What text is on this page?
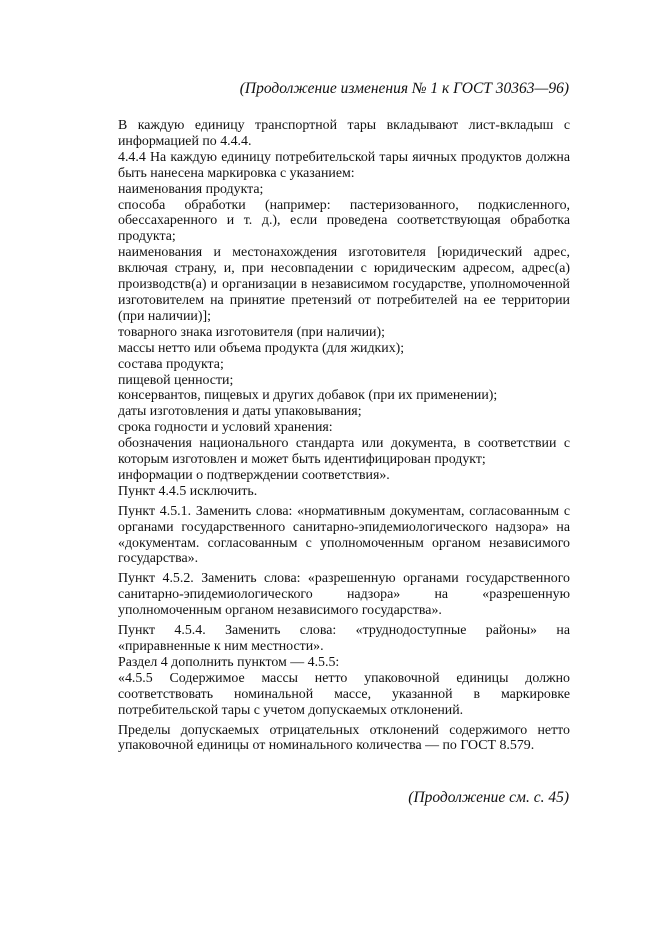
(Продолжение изменения № 1 к ГОСТ 30363—96)

В каждую единицу транспортной тары вкладывают лист-вкладыш с информацией по 4.4.4.

4.4.4 На каждую единицу потребительской тары яичных продуктов должна быть нанесена маркировка с указанием:

наименования продукта;

способа обработки (например: пастеризованного, подкисленного, обессахаренного и т. д.), если проведена соответствующая обработка продукта;

наименования и местонахождения изготовителя [юридический адрес, включая страну, и, при несовпадении с юридическим адресом, адрес(а) производств(а) и организации в независимом государстве, уполномоченной изготовителем на принятие претензий от потребителей на ее территории (при наличии)];

товарного знака изготовителя (при наличии);

массы нетто или объема продукта (для жидких);

состава продукта;

пищевой ценности;

консервантов, пищевых и других добавок (при их применении);

даты изготовления и даты упаковывания;

срока годности и условий хранения:

обозначения национального стандарта или документа, в соответствии с которым изготовлен и может быть идентифицирован продукт;

информации о подтверждении соответствия».

Пункт 4.4.5 исключить.

Пункт 4.5.1. Заменить слова: «нормативным документам, согласованным с органами государственного санитарно-эпидемиологического надзора» на «документам. согласованным с уполномоченным органом независимого государства».

Пункт 4.5.2. Заменить слова: «разрешенную органами государственного санитарно-эпидемиологического надзора» на «разрешенную уполномоченным органом независимого государства».

Пункт 4.5.4. Заменить слова: «труднодоступные районы» на «приравненные к ним местности».

Раздел 4 дополнить пунктом — 4.5.5:

«4.5.5 Содержимое массы нетто упаковочной единицы должно соответствовать номинальной массе, указанной в маркировке потребительской тары с учетом допускаемых отклонений.

Пределы допускаемых отрицательных отклонений содержимого нетто упаковочной единицы от номинального количества — по ГОСТ 8.579.

(Продолжение см. с. 45)
